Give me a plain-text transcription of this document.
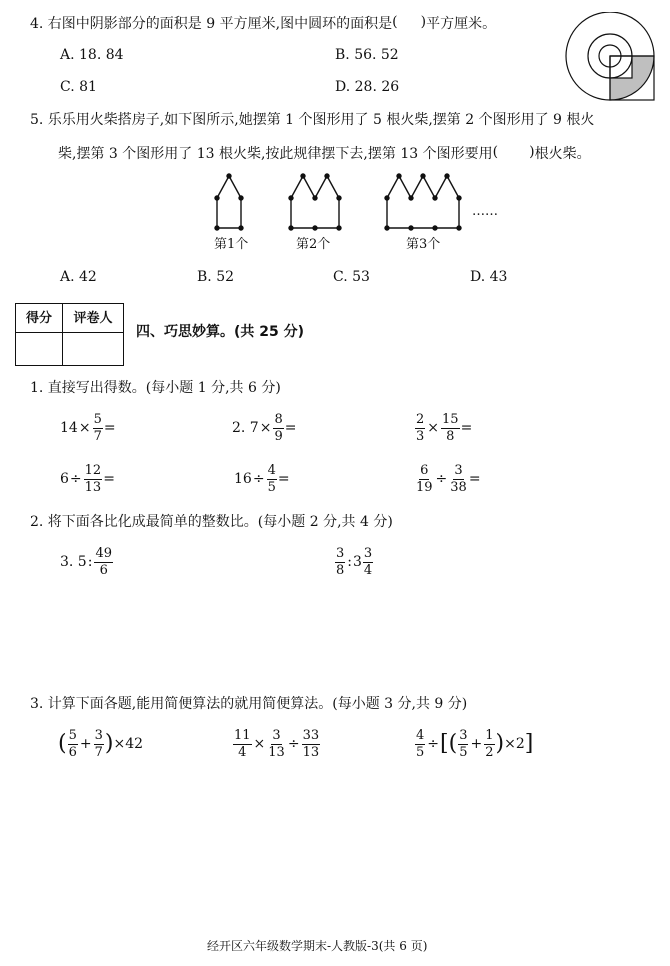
4. 右图中阴影部分的面积是 9 平方厘米,图中圆环的面积是 ( ) 平方厘米。
A. 18. 84	B. 56. 52
C. 81	D. 28. 26
5. 乐乐用火柴搭房子,如下图所示,她摆第 1 个图形用了 5 根火柴,摆第 2 个图形用了 9 根火
柴,摆第 3 个图形用了 13 根火柴,按此规律摆下去,摆第 13 个图形要用 ( )	根火柴。
……
第1个	第2个	第3个
A. 42	B. 52	C. 53	D. 43
得分	评卷人

四、巧思妙算。(共 25 分)
1. 直接写出得数。(每小题 1 分,共 6 分)
$14 \times \frac{5}{7}$ =	2. $7 \times \frac{8}{9}$ =	$\frac{2}{3} \times \frac{15}{8}$ =
$6 \div \frac{12}{13}$ =	$16 \div \frac{4}{5}$ =	$\frac{6}{19} \div \frac{3}{38}$ =
2. 将下面各比化成最简单的整数比。(每小题 2 分,共 4 分)
3. 5 : $\frac{49}{6}$	$\frac{3}{8}$ : $3 \frac{3}{4}$
3. 计算下面各题,能用简便算法的就用简便算法。(每小题 3 分,共 9 分)
( $\frac{5}{6} + \frac{3}{7}$ ) ×42	$\frac{11}{4} \times \frac{3}{13} \div \frac{33}{13}$	$\frac{4}{5}$ ÷ [ ( $\frac{3}{5} + \frac{1}{2}$ ) ×2 ]
经开区六年级数学期末-人教版-3(共 6 页)
